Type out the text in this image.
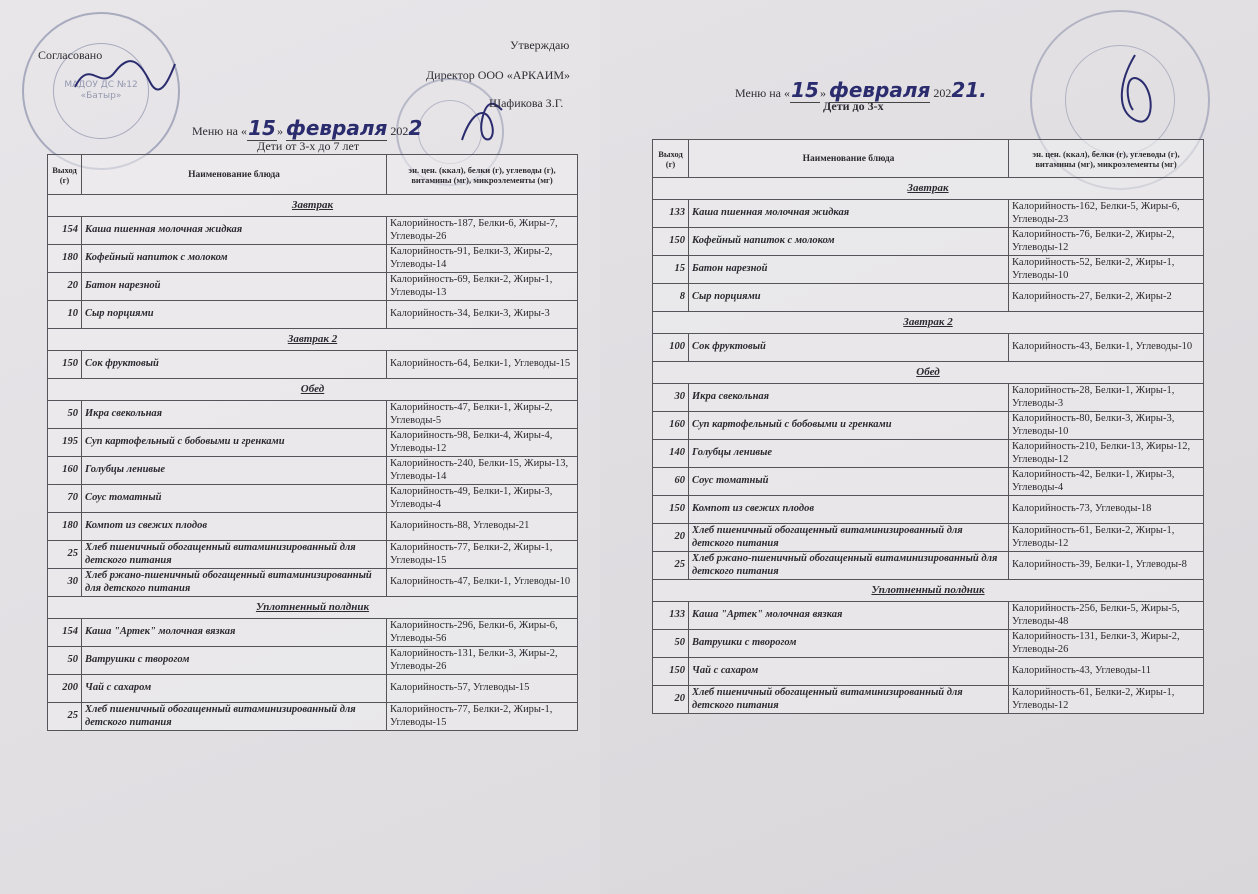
МАДОУ ДС №12 «Батыр»
Согласовано
Утверждаю
Директор ООО «АРКАИМ»
Шафикова З.Г.
Меню на «15» февраля 2022
Дети от 3-х до 7 лет
Выход (г)	Наименование блюда	эн. цен. (ккал), белки (г), углеводы (г), витамины (мг), микроэлементы (мг)
Завтрак		
154	Каша пшенная молочная жидкая	Калорийность-187, Белки-6, Жиры-7, Углеводы-26
180	Кофейный напиток с молоком	Калорийность-91, Белки-3, Жиры-2, Углеводы-14
20	Батон нарезной	Калорийность-69, Белки-2, Жиры-1, Углеводы-13
10	Сыр порциями	Калорийность-34, Белки-3, Жиры-3
Завтрак 2		
150	Сок фруктовый	Калорийность-64, Белки-1, Углеводы-15
Обед		
50	Икра свекольная	Калорийность-47, Белки-1, Жиры-2, Углеводы-5
195	Суп картофельный с бобовыми и гренками	Калорийность-98, Белки-4, Жиры-4, Углеводы-12
160	Голубцы ленивые	Калорийность-240, Белки-15, Жиры-13, Углеводы-14
70	Соус томатный	Калорийность-49, Белки-1, Жиры-3, Углеводы-4
180	Компот из свежих плодов	Калорийность-88, Углеводы-21
25	Хлеб пшеничный обогащенный витаминизированный для детского питания	Калорийность-77, Белки-2, Жиры-1, Углеводы-15
30	Хлеб ржано-пшеничный обогащенный витаминизированный для детского питания	Калорийность-47, Белки-1, Углеводы-10
Уплотненный полдник		
154	Каша "Артек" молочная вязкая	Калорийность-296, Белки-6, Жиры-6, Углеводы-56
50	Ватрушки с творогом	Калорийность-131, Белки-3, Жиры-2, Углеводы-26
200	Чай с сахаром	Калорийность-57, Углеводы-15
25	Хлеб пшеничный обогащенный витаминизированный для детского питания	Калорийность-77, Белки-2, Жиры-1, Углеводы-15
Меню на «15» февраля 20221.
Дети до 3-х
Выход (г)	Наименование блюда	эн. цен. (ккал), белки (г), углеводы (г), витамины (мг), микроэлементы (мг)
Завтрак		
133	Каша пшенная молочная жидкая	Калорийность-162, Белки-5, Жиры-6, Углеводы-23
150	Кофейный напиток с молоком	Калорийность-76, Белки-2, Жиры-2, Углеводы-12
15	Батон нарезной	Калорийность-52, Белки-2, Жиры-1, Углеводы-10
8	Сыр порциями	Калорийность-27, Белки-2, Жиры-2
Завтрак 2		
100	Сок фруктовый	Калорийность-43, Белки-1, Углеводы-10
Обед		
30	Икра свекольная	Калорийность-28, Белки-1, Жиры-1, Углеводы-3
160	Суп картофельный с бобовыми и гренками	Калорийность-80, Белки-3, Жиры-3, Углеводы-10
140	Голубцы ленивые	Калорийность-210, Белки-13, Жиры-12, Углеводы-12
60	Соус томатный	Калорийность-42, Белки-1, Жиры-3, Углеводы-4
150	Компот из свежих плодов	Калорийность-73, Углеводы-18
20	Хлеб пшеничный обогащенный витаминизированный для детского питания	Калорийность-61, Белки-2, Жиры-1, Углеводы-12
25	Хлеб ржано-пшеничный обогащенный витаминизированный для детского питания	Калорийность-39, Белки-1, Углеводы-8
Уплотненный полдник		
133	Каша "Артек" молочная вязкая	Калорийность-256, Белки-5, Жиры-5, Углеводы-48
50	Ватрушки с творогом	Калорийность-131, Белки-3, Жиры-2, Углеводы-26
150	Чай с сахаром	Калорийность-43, Углеводы-11
20	Хлеб пшеничный обогащенный витаминизированный для детского питания	Калорийность-61, Белки-2, Жиры-1, Углеводы-12
